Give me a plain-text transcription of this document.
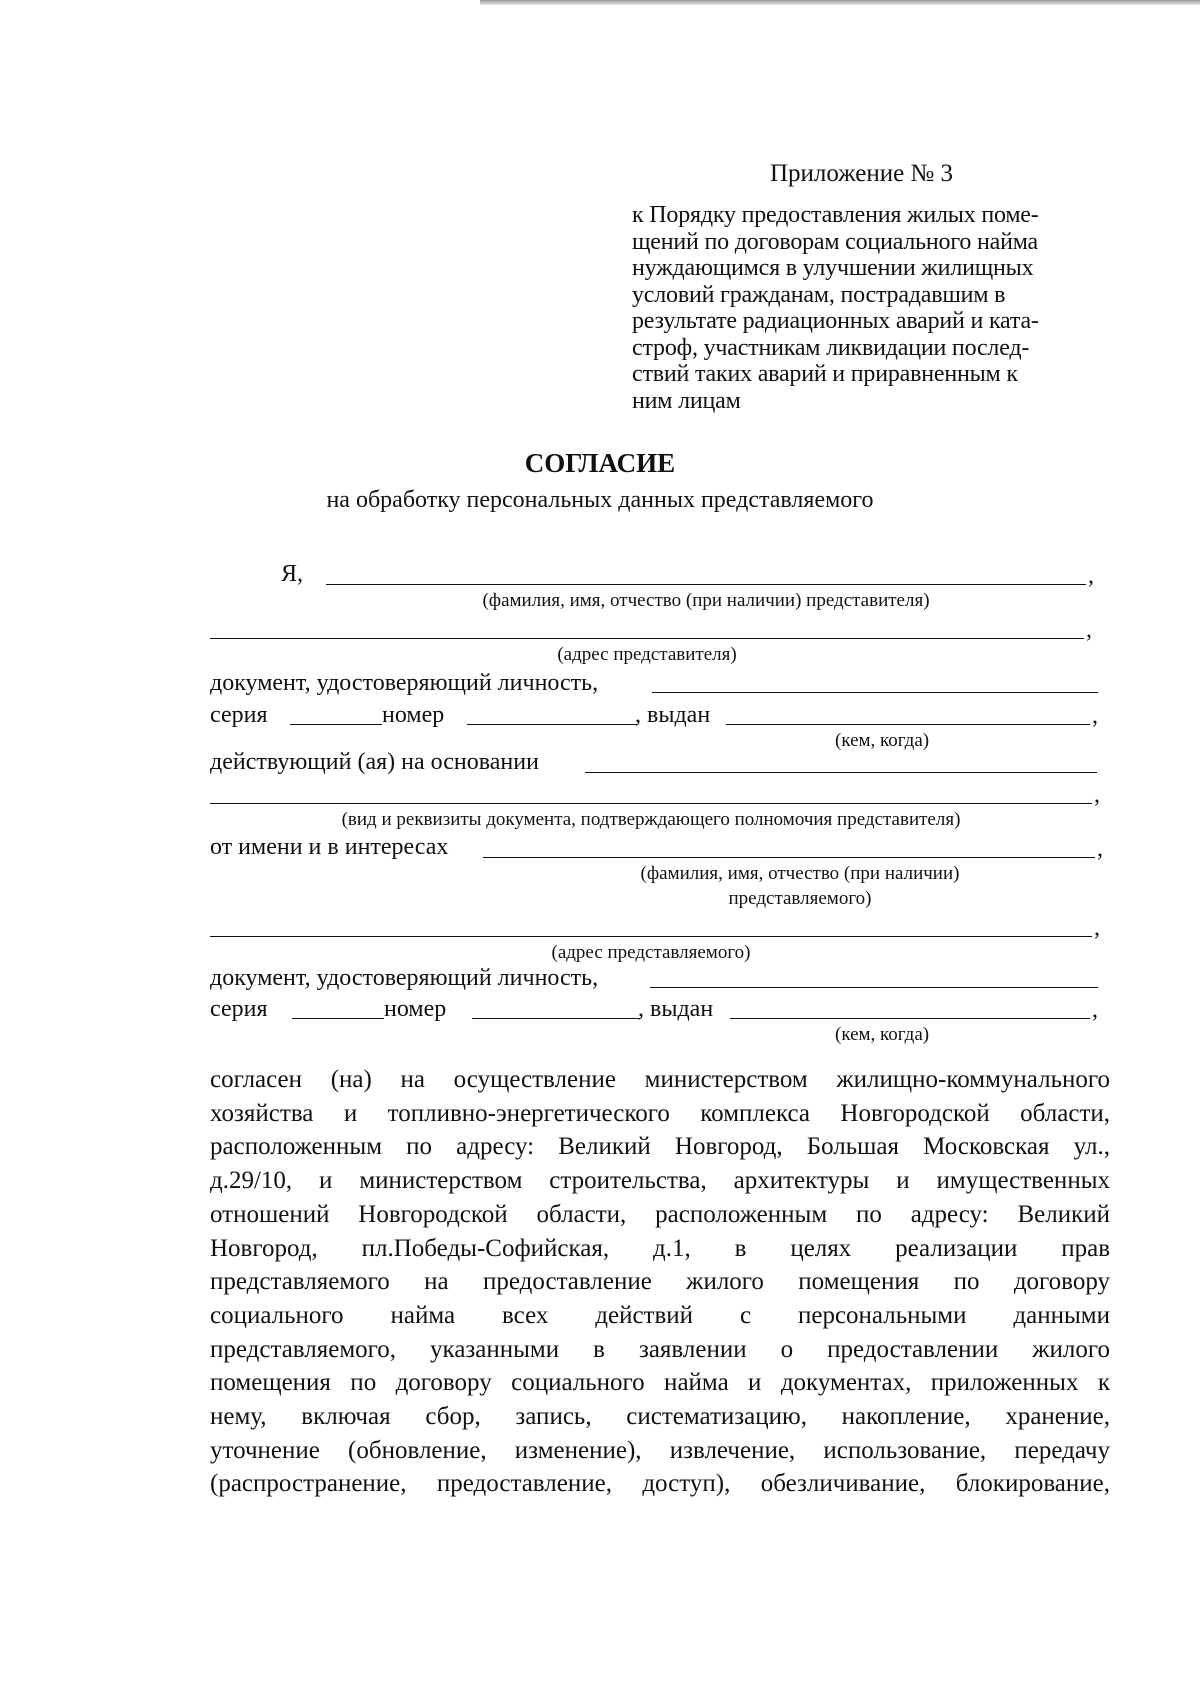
Приложение № 3

к Порядку предоставления жилых поме-
щений по договорам социального найма
нуждающимся в улучшении жилищных
условий гражданам, пострадавшим в
результате радиационных аварий и ката-
строф, участникам ликвидации послед-
ствий таких аварий и приравненным к
ним лицам

СОГЛАСИЕ

на обработку персональных данных представляемого

Я,	,
(фамилия, имя, отчество (при наличии) представителя)
,
(адрес представителя)
документ, удостоверяющий личность,
серия	номер	, выдан	,
(кем, когда)
действующий (ая) на основании
,
(вид и реквизиты документа, подтверждающего полномочия представителя)
от имени и в интересах	,
(фамилия, имя, отчество (при наличии)
представляемого)
,
(адрес представляемого)
документ, удостоверяющий личность,
серия	номер	, выдан	,
(кем, когда)

согласен (на) на осуществление министерством жилищно-коммунального
хозяйства и топливно-энергетического комплекса Новгородской области,
расположенным по адресу: Великий Новгород, Большая Московская ул.,
д.29/10, и министерством строительства, архитектуры и имущественных
отношений Новгородской области, расположенным по адресу: Великий
Новгород, пл.Победы-Софийская, д.1, в целях реализации прав
представляемого на предоставление жилого помещения по договору
социального найма всех действий с персональными данными
представляемого, указанными в заявлении о предоставлении жилого
помещения по договору социального найма и документах, приложенных к
нему, включая сбор, запись, систематизацию, накопление, хранение,
уточнение (обновление, изменение), извлечение, использование, передачу
(распространение, предоставление, доступ), обезличивание, блокирование,
